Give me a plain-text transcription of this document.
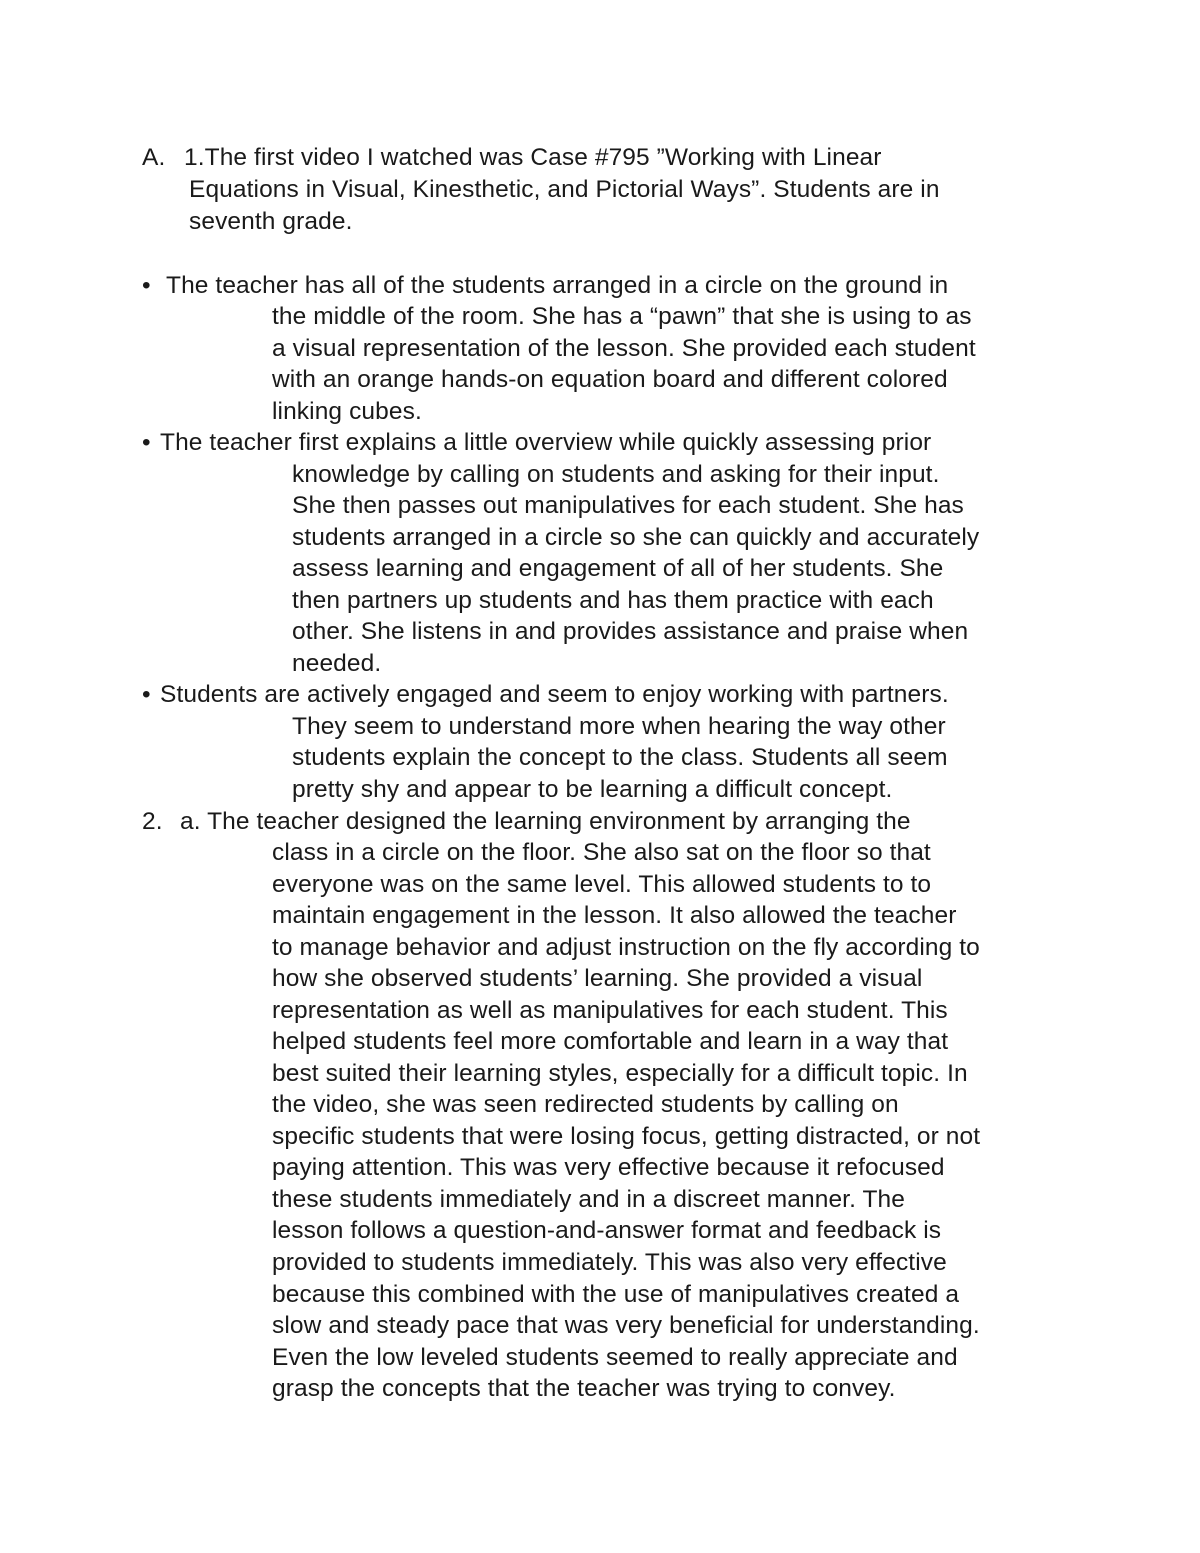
A. 1.The first video I watched was Case #795 ”Working with Linear
Equations in Visual, Kinesthetic, and Pictorial Ways”. Students are in
seventh grade.
• The teacher has all of the students arranged in a circle on the ground in
the middle of the room. She has a “pawn” that she is using to as
a visual representation of the lesson. She provided each student
with an orange hands-on equation board and different colored
linking cubes.
• The teacher first explains a little overview while quickly assessing prior
knowledge by calling on students and asking for their input.
She then passes out manipulatives for each student. She has
students arranged in a circle so she can quickly and accurately
assess learning and engagement of all of her students. She
then partners up students and has them practice with each
other. She listens in and provides assistance and praise when
needed.
• Students are actively engaged and seem to enjoy working with partners.
They seem to understand more when hearing the way other
students explain the concept to the class. Students all seem
pretty shy and appear to be learning a difficult concept.
2. a. The teacher designed the learning environment by arranging the
class in a circle on the floor. She also sat on the floor so that
everyone was on the same level. This allowed students to to
maintain engagement in the lesson. It also allowed the teacher
to manage behavior and adjust instruction on the fly according to
how she observed students’ learning. She provided a visual
representation as well as manipulatives for each student. This
helped students feel more comfortable and learn in a way that
best suited their learning styles, especially for a difficult topic. In
the video, she was seen redirected students by calling on
specific students that were losing focus, getting distracted, or not
paying attention. This was very effective because it refocused
these students immediately and in a discreet manner. The
lesson follows a question-and-answer format and feedback is
provided to students immediately. This was also very effective
because this combined with the use of manipulatives created a
slow and steady pace that was very beneficial for understanding.
Even the low leveled students seemed to really appreciate and
grasp the concepts that the teacher was trying to convey.
